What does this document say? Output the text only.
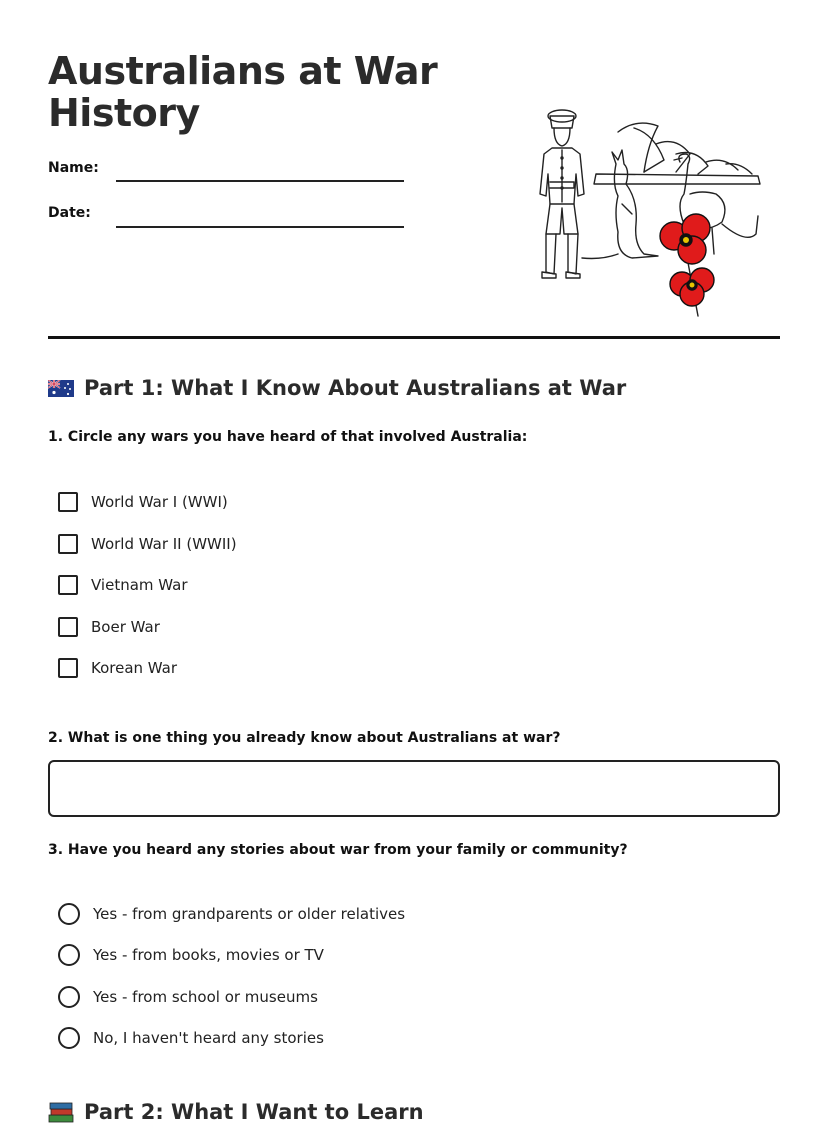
Australians at War
History
Name:
Date:
Part 1: What I Know About Australians at War
1. Circle any wars you have heard of that involved Australia:
World War I (WWI)
World War II (WWII)
Vietnam War
Boer War
Korean War
2. What is one thing you already know about Australians at war?
3. Have you heard any stories about war from your family or community?
Yes - from grandparents or older relatives
Yes - from books, movies or TV
Yes - from school or museums
No, I haven't heard any stories
Part 2: What I Want to Learn
